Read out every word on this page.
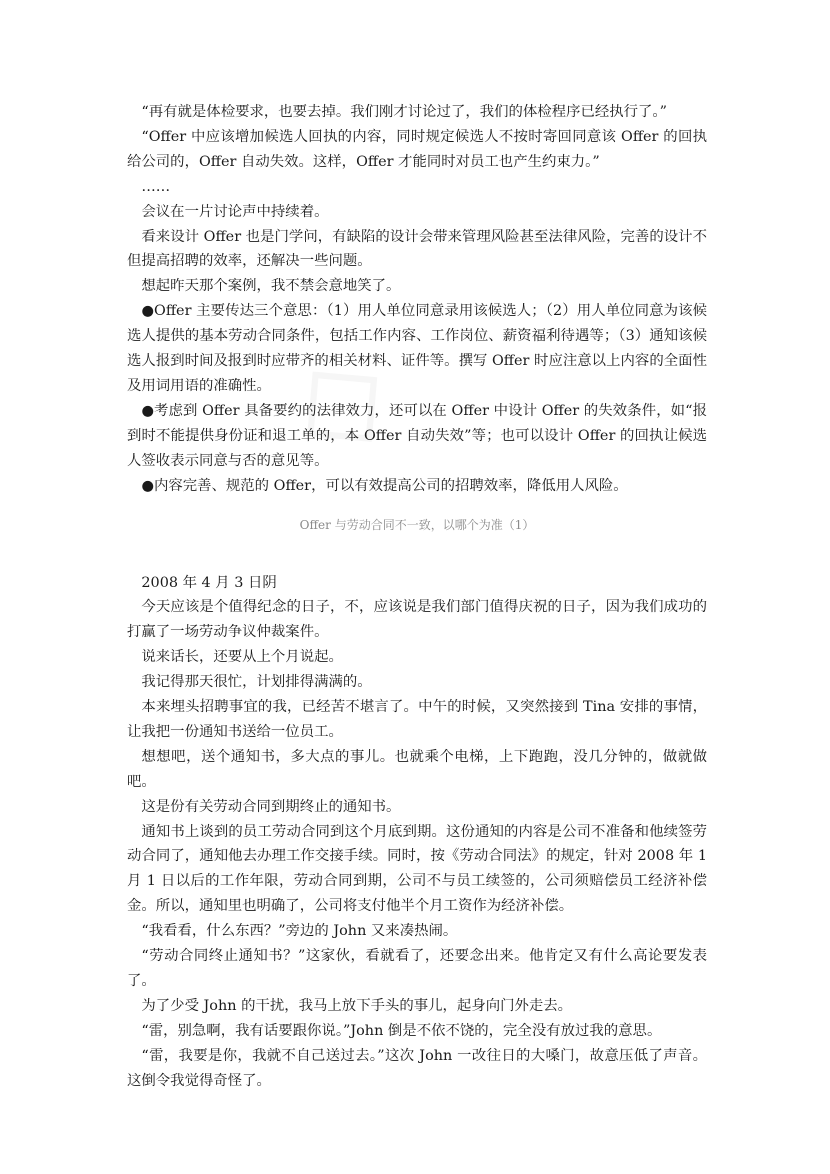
“再有就是体检要求，也要去掉。我们刚才讨论过了，我们的体检程序已经执行了。”

“Offer 中应该增加候选人回执的内容，同时规定候选人不按时寄回同意该 Offer 的回执给公司的，Offer 自动失效。这样，Offer 才能同时对员工也产生约束力。”

……

会议在一片讨论声中持续着。

看来设计 Offer 也是门学问，有缺陷的设计会带来管理风险甚至法律风险，完善的设计不但提高招聘的效率，还解决一些问题。

想起昨天那个案例，我不禁会意地笑了。

●Offer 主要传达三个意思：（1）用人单位同意录用该候选人；（2）用人单位同意为该候选人提供的基本劳动合同条件，包括工作内容、工作岗位、薪资福利待遇等；（3）通知该候选人报到时间及报到时应带齐的相关材料、证件等。撰写 Offer 时应注意以上内容的全面性及用词用语的准确性。

●考虑到 Offer 具备要约的法律效力，还可以在 Offer 中设计 Offer 的失效条件，如“报到时不能提供身份证和退工单的，本 Offer 自动失效”等；也可以设计 Offer 的回执让候选人签收表示同意与否的意见等。

●内容完善、规范的 Offer，可以有效提高公司的招聘效率，降低用人风险。

Offer 与劳动合同不一致，以哪个为准（1）

2008 年 4 月 3 日阴

今天应该是个值得纪念的日子，不，应该说是我们部门值得庆祝的日子，因为我们成功的打赢了一场劳动争议仲裁案件。

说来话长，还要从上个月说起。

我记得那天很忙，计划排得满满的。

本来埋头招聘事宜的我，已经苦不堪言了。中午的时候，又突然接到 Tina 安排的事情，让我把一份通知书送给一位员工。

想想吧，送个通知书，多大点的事儿。也就乘个电梯，上下跑跑，没几分钟的，做就做吧。

这是份有关劳动合同到期终止的通知书。

通知书上谈到的员工劳动合同到这个月底到期。这份通知的内容是公司不准备和他续签劳动合同了，通知他去办理工作交接手续。同时，按《劳动合同法》的规定，针对 2008 年 1 月 1 日以后的工作年限，劳动合同到期，公司不与员工续签的，公司须赔偿员工经济补偿金。所以，通知里也明确了，公司将支付他半个月工资作为经济补偿。

“我看看，什么东西？”旁边的 John 又来凑热闹。

“劳动合同终止通知书？”这家伙，看就看了，还要念出来。他肯定又有什么高论要发表了。

为了少受 John 的干扰，我马上放下手头的事儿，起身向门外走去。

“雷，别急啊，我有话要跟你说。”John 倒是不依不饶的，完全没有放过我的意思。

“雷，我要是你，我就不自己送过去。”这次 John 一改往日的大嗓门，故意压低了声音。这倒令我觉得奇怪了。
